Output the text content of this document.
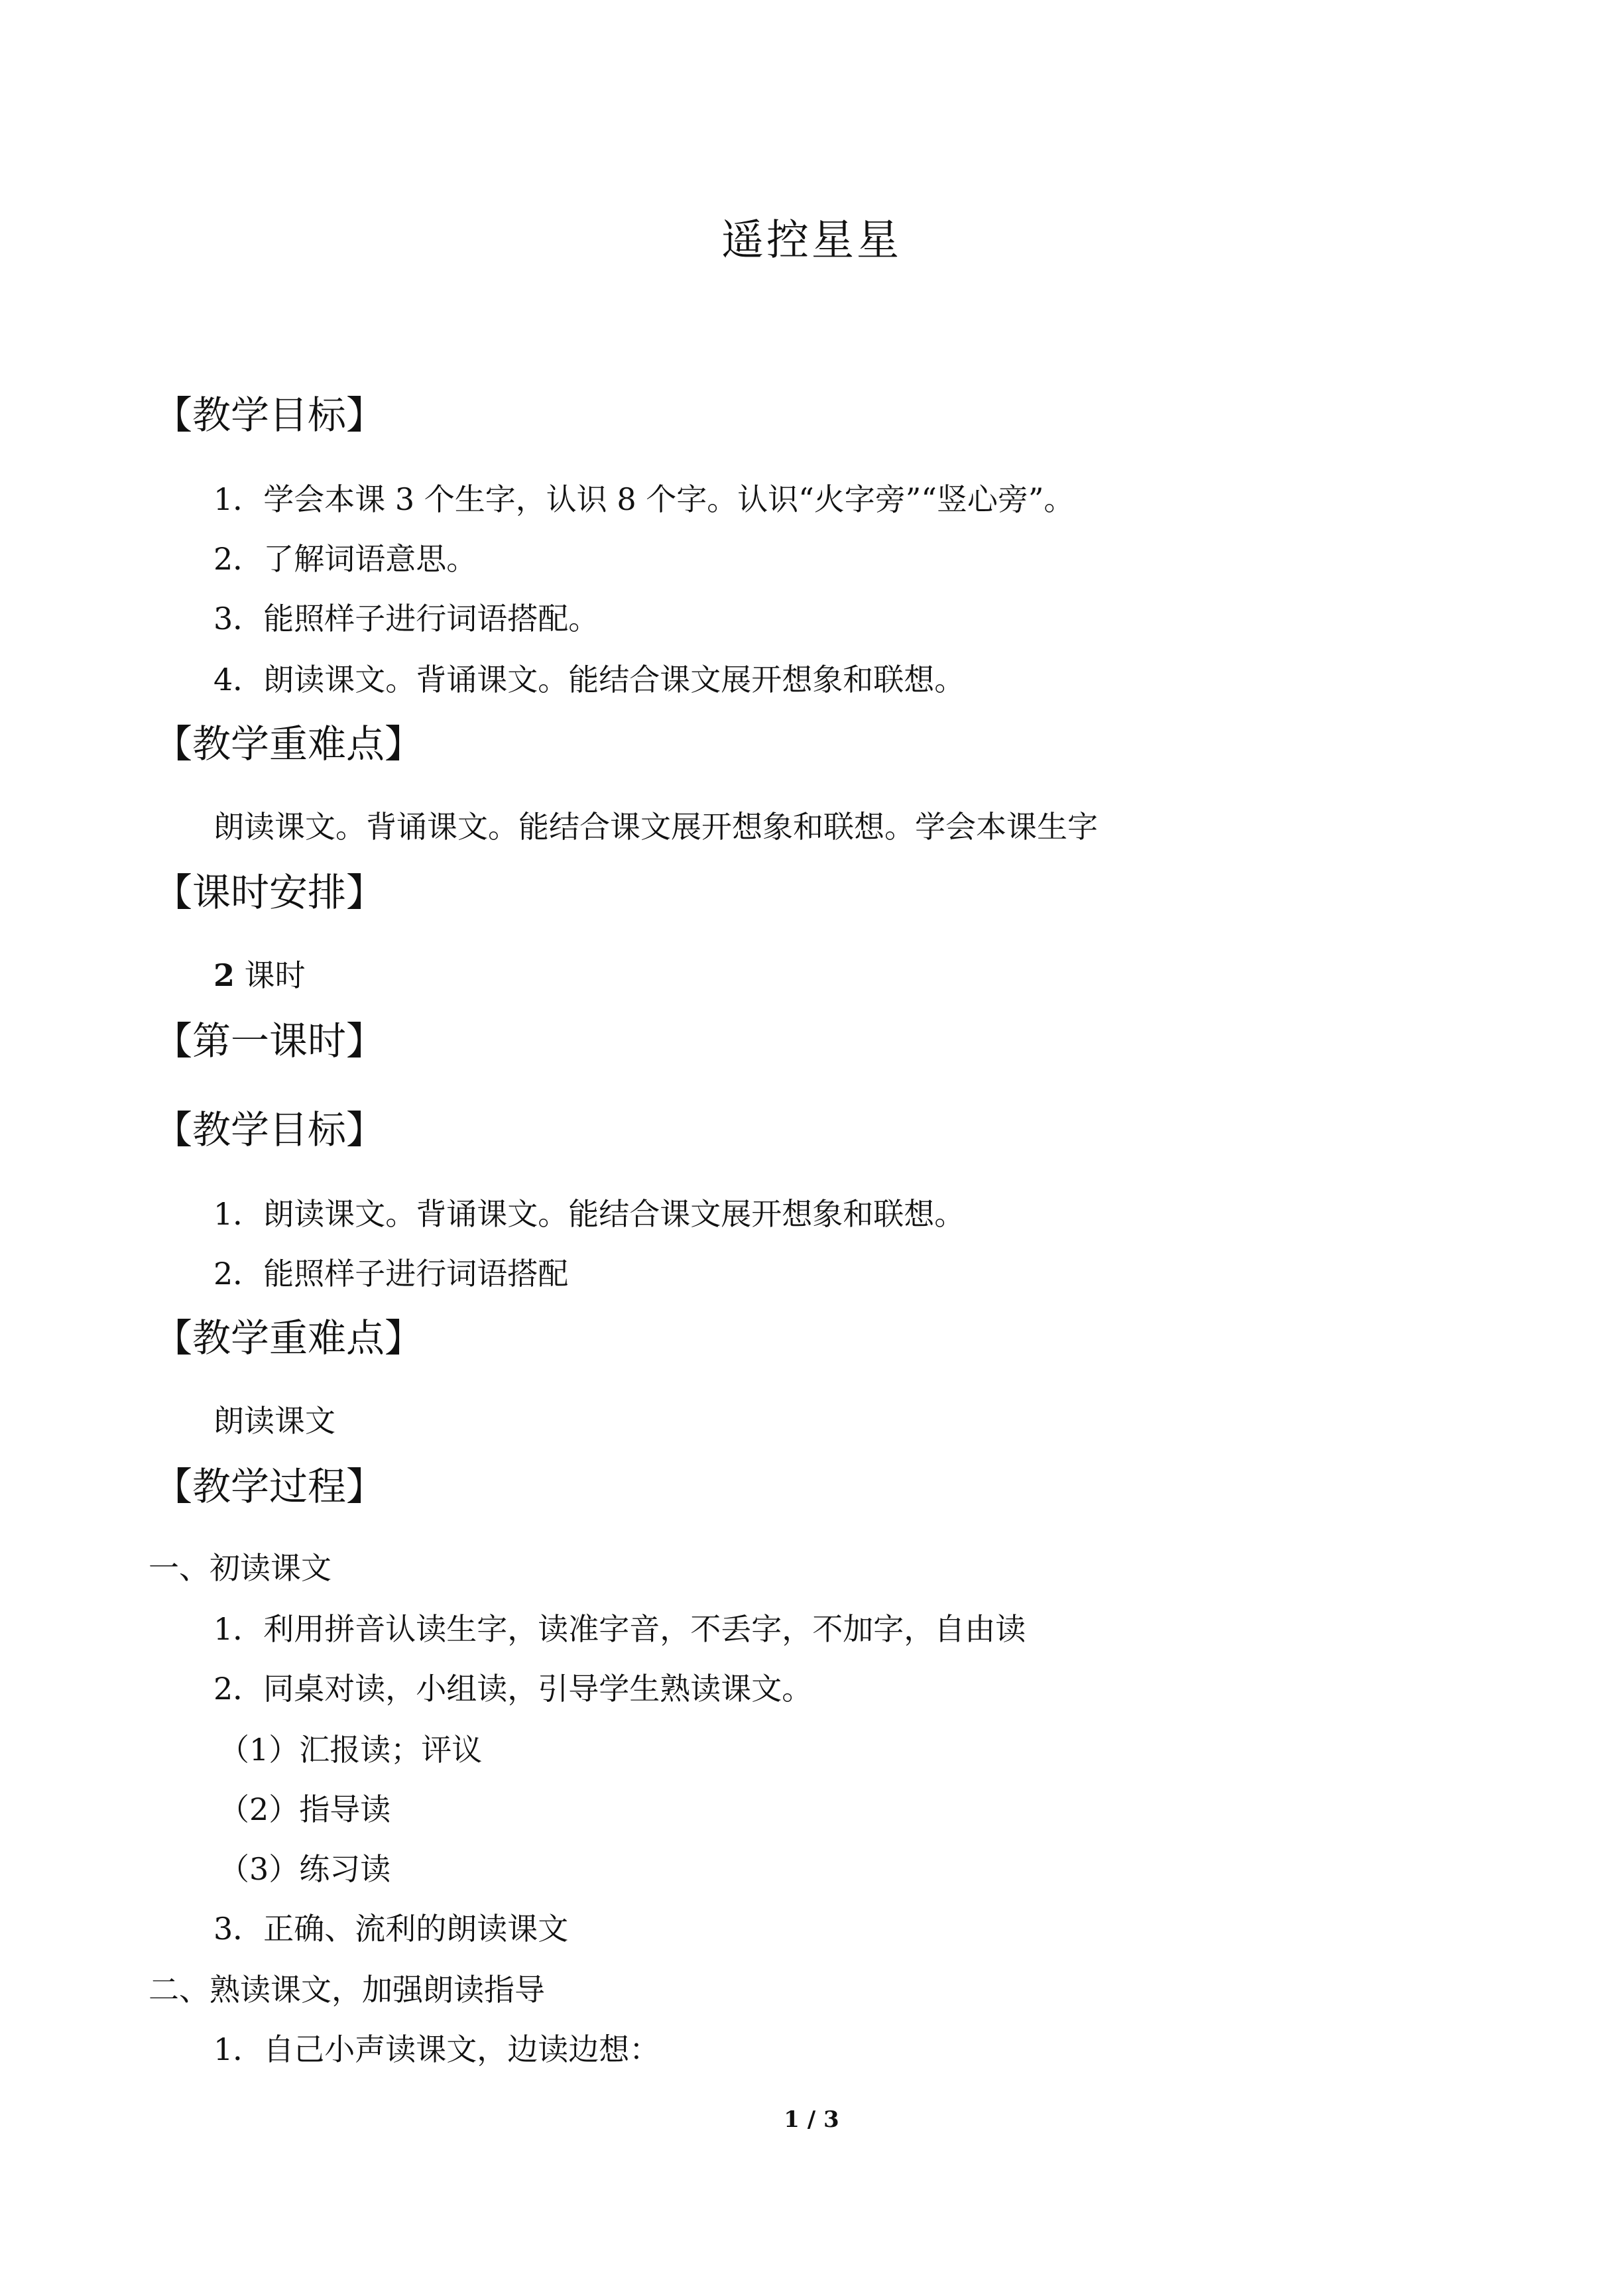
遥控星星
【教学目标】
1．学会本课 3 个生字，认识 8 个字。认识“火字旁”“竖心旁”。
2．了解词语意思。
3．能照样子进行词语搭配。
4．朗读课文。背诵课文。能结合课文展开想象和联想。
【教学重难点】
朗读课文。背诵课文。能结合课文展开想象和联想。学会本课生字
【课时安排】
2 课时
【第一课时】
【教学目标】
1．朗读课文。背诵课文。能结合课文展开想象和联想。
2．能照样子进行词语搭配
【教学重难点】
朗读课文
【教学过程】
一、初读课文
1．利用拼音认读生字，读准字音，不丢字，不加字，自由读
2．同桌对读，小组读，引导学生熟读课文。
（1）汇报读；评议
（2）指导读
（3）练习读
3．正确、流利的朗读课文
二、熟读课文，加强朗读指导
1．自己小声读课文，边读边想：
1 / 3
